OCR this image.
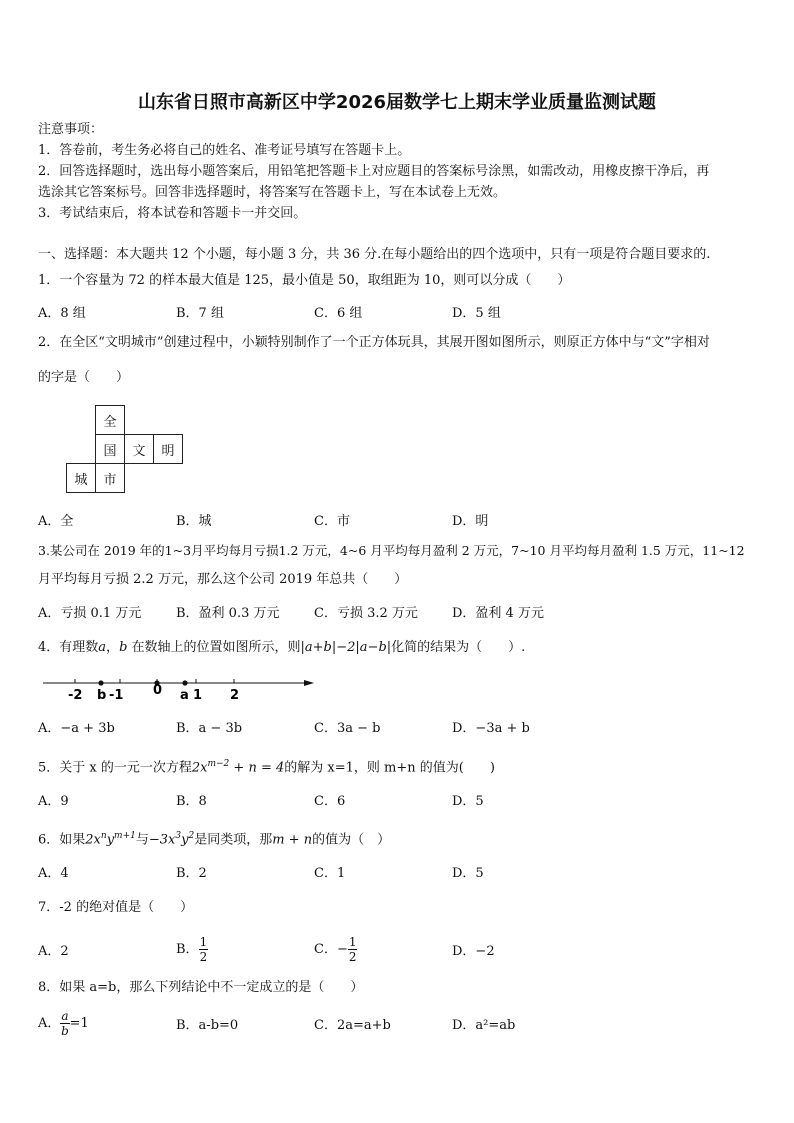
山东省日照市高新区中学2026届数学七上期末学业质量监测试题
注意事项：
1．答卷前，考生务必将自己的姓名、准考证号填写在答题卡上。
2．回答选择题时，选出每小题答案后，用铅笔把答题卡上对应题目的答案标号涂黑，如需改动，用橡皮擦干净后，再
选涂其它答案标号。回答非选择题时，将答案写在答题卡上，写在本试卷上无效。
3．考试结束后，将本试卷和答题卡一并交回。
一、选择题：本大题共 12 个小题，每小题 3 分，共 36 分.在每小题给出的四个选项中，只有一项是符合题目要求的.
1．一个容量为 72 的样本最大值是 125，最小值是 50，取组距为 10，则可以分成（　　）
A．8 组	B．7 组	C．6 组	D．5 组
2．在全区“文明城市”创建过程中，小颖特别制作了一个正方体玩具，其展开图如图所示，则原正方体中与“文”字相对
的字是（　　）
	全		
	国	文	明
城	市		
A．全	B．城	C．市	D．明
3.某公司在 2019 年的1~3月平均每月亏损1.2 万元，4~6 月平均每月盈利 2 万元，7~10 月平均每月盈利 1.5 万元，11~12
月平均每月亏损 2.2 万元，那么这个公司 2019 年总共（　　）
A．亏损 0.1 万元	B．盈利 0.3 万元	C．亏损 3.2 万元	D．盈利 4 万元
4．有理数a，b 在数轴上的位置如图所示，则|a+b|−2|a−b|化简的结果为（　　）.
-2 b -1 0 a 1 2
A．−a + 3b	B．a − 3b	C．3a − b	D．−3a + b
5．关于 x 的一元一次方程$2x^{m-2} + n = 4$的解为 x=1，则 m+n 的值为(　　)
A．9	B．8	C．6	D．5
6．如果$2x^ny^{m+1}$与$-3x^3y^2$是同类项，那m + n的值为（　）
A．4	B．2	C．1	D．5
7．-2 的绝对值是（　　）
A．2	B． $\frac{1}{2}$	C．− $\frac{1}{2}$	D．−2
8．如果 a=b，那么下列结论中不一定成立的是（　　）
A． $\frac{a}{b} =1$	B．a-b=0	C．2a=a+b	D．a²=ab
